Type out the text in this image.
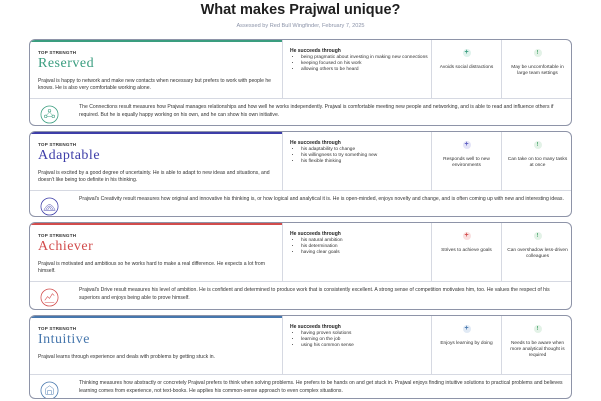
What makes Prajwal unique?
Assessed by Red Bull Wingfinder, February 7, 2025
TOP STRENGTH
Reserved
Prajwal is happy to network and make new contacts when necessary but prefers to work with people he knows. He is also very comfortable working alone.
He succeeds through
• being pragmatic about investing in making new connections
• keeping focused on his work
• allowing others to be heard
+
Avoids social distractions
!
May be uncomfortable in large team settings
The Connections result measures how Prajwal manages relationships and how well he works independently. Prajwal is comfortable meeting new people and networking, and is able to read and influence others if required. But he is equally happy working on his own, and he can show his own initiative.
TOP STRENGTH
Adaptable
Prajwal is excited by a good degree of uncertainty. He is able to adapt to new ideas and situations, and doesn't like being too definite in his thinking.
He succeeds through
• his adaptability to change
• his willingness to try something new
• his flexible thinking
+
Responds well to new environments
!
Can take on too many tasks at once
Prajwal's Creativity result measures how original and innovative his thinking is, or how logical and analytical it is. He is open-minded, enjoys novelty and change, and is often coming up with new and interesting ideas.
TOP STRENGTH
Achiever
Prajwal is motivated and ambitious so he works hard to make a real difference. He expects a lot from himself.
He succeeds through
• his natural ambition
• his determination
• having clear goals
+
Strives to achieve goals
!
Can overshadow less-driven colleagues
Prajwal's Drive result measures his level of ambition. He is confident and determined to produce work that is consistently excellent. A strong sense of competition motivates him, too. He values the respect of his superiors and enjoys being able to prove himself.
TOP STRENGTH
Intuitive
Prajwal learns through experience and deals with problems by getting stuck in.
He succeeds through
• having proven solutions
• learning on the job
• using his common sense
+
Enjoys learning by doing
!
Needs to be aware when more analytical thought is required
Thinking measures how abstractly or concretely Prajwal prefers to think when solving problems. He prefers to be hands on and get stuck in. Prajwal enjoys finding intuitive solutions to practical problems and believes learning comes from experience, not text-books. He applies his common-sense approach to even complex situations.
